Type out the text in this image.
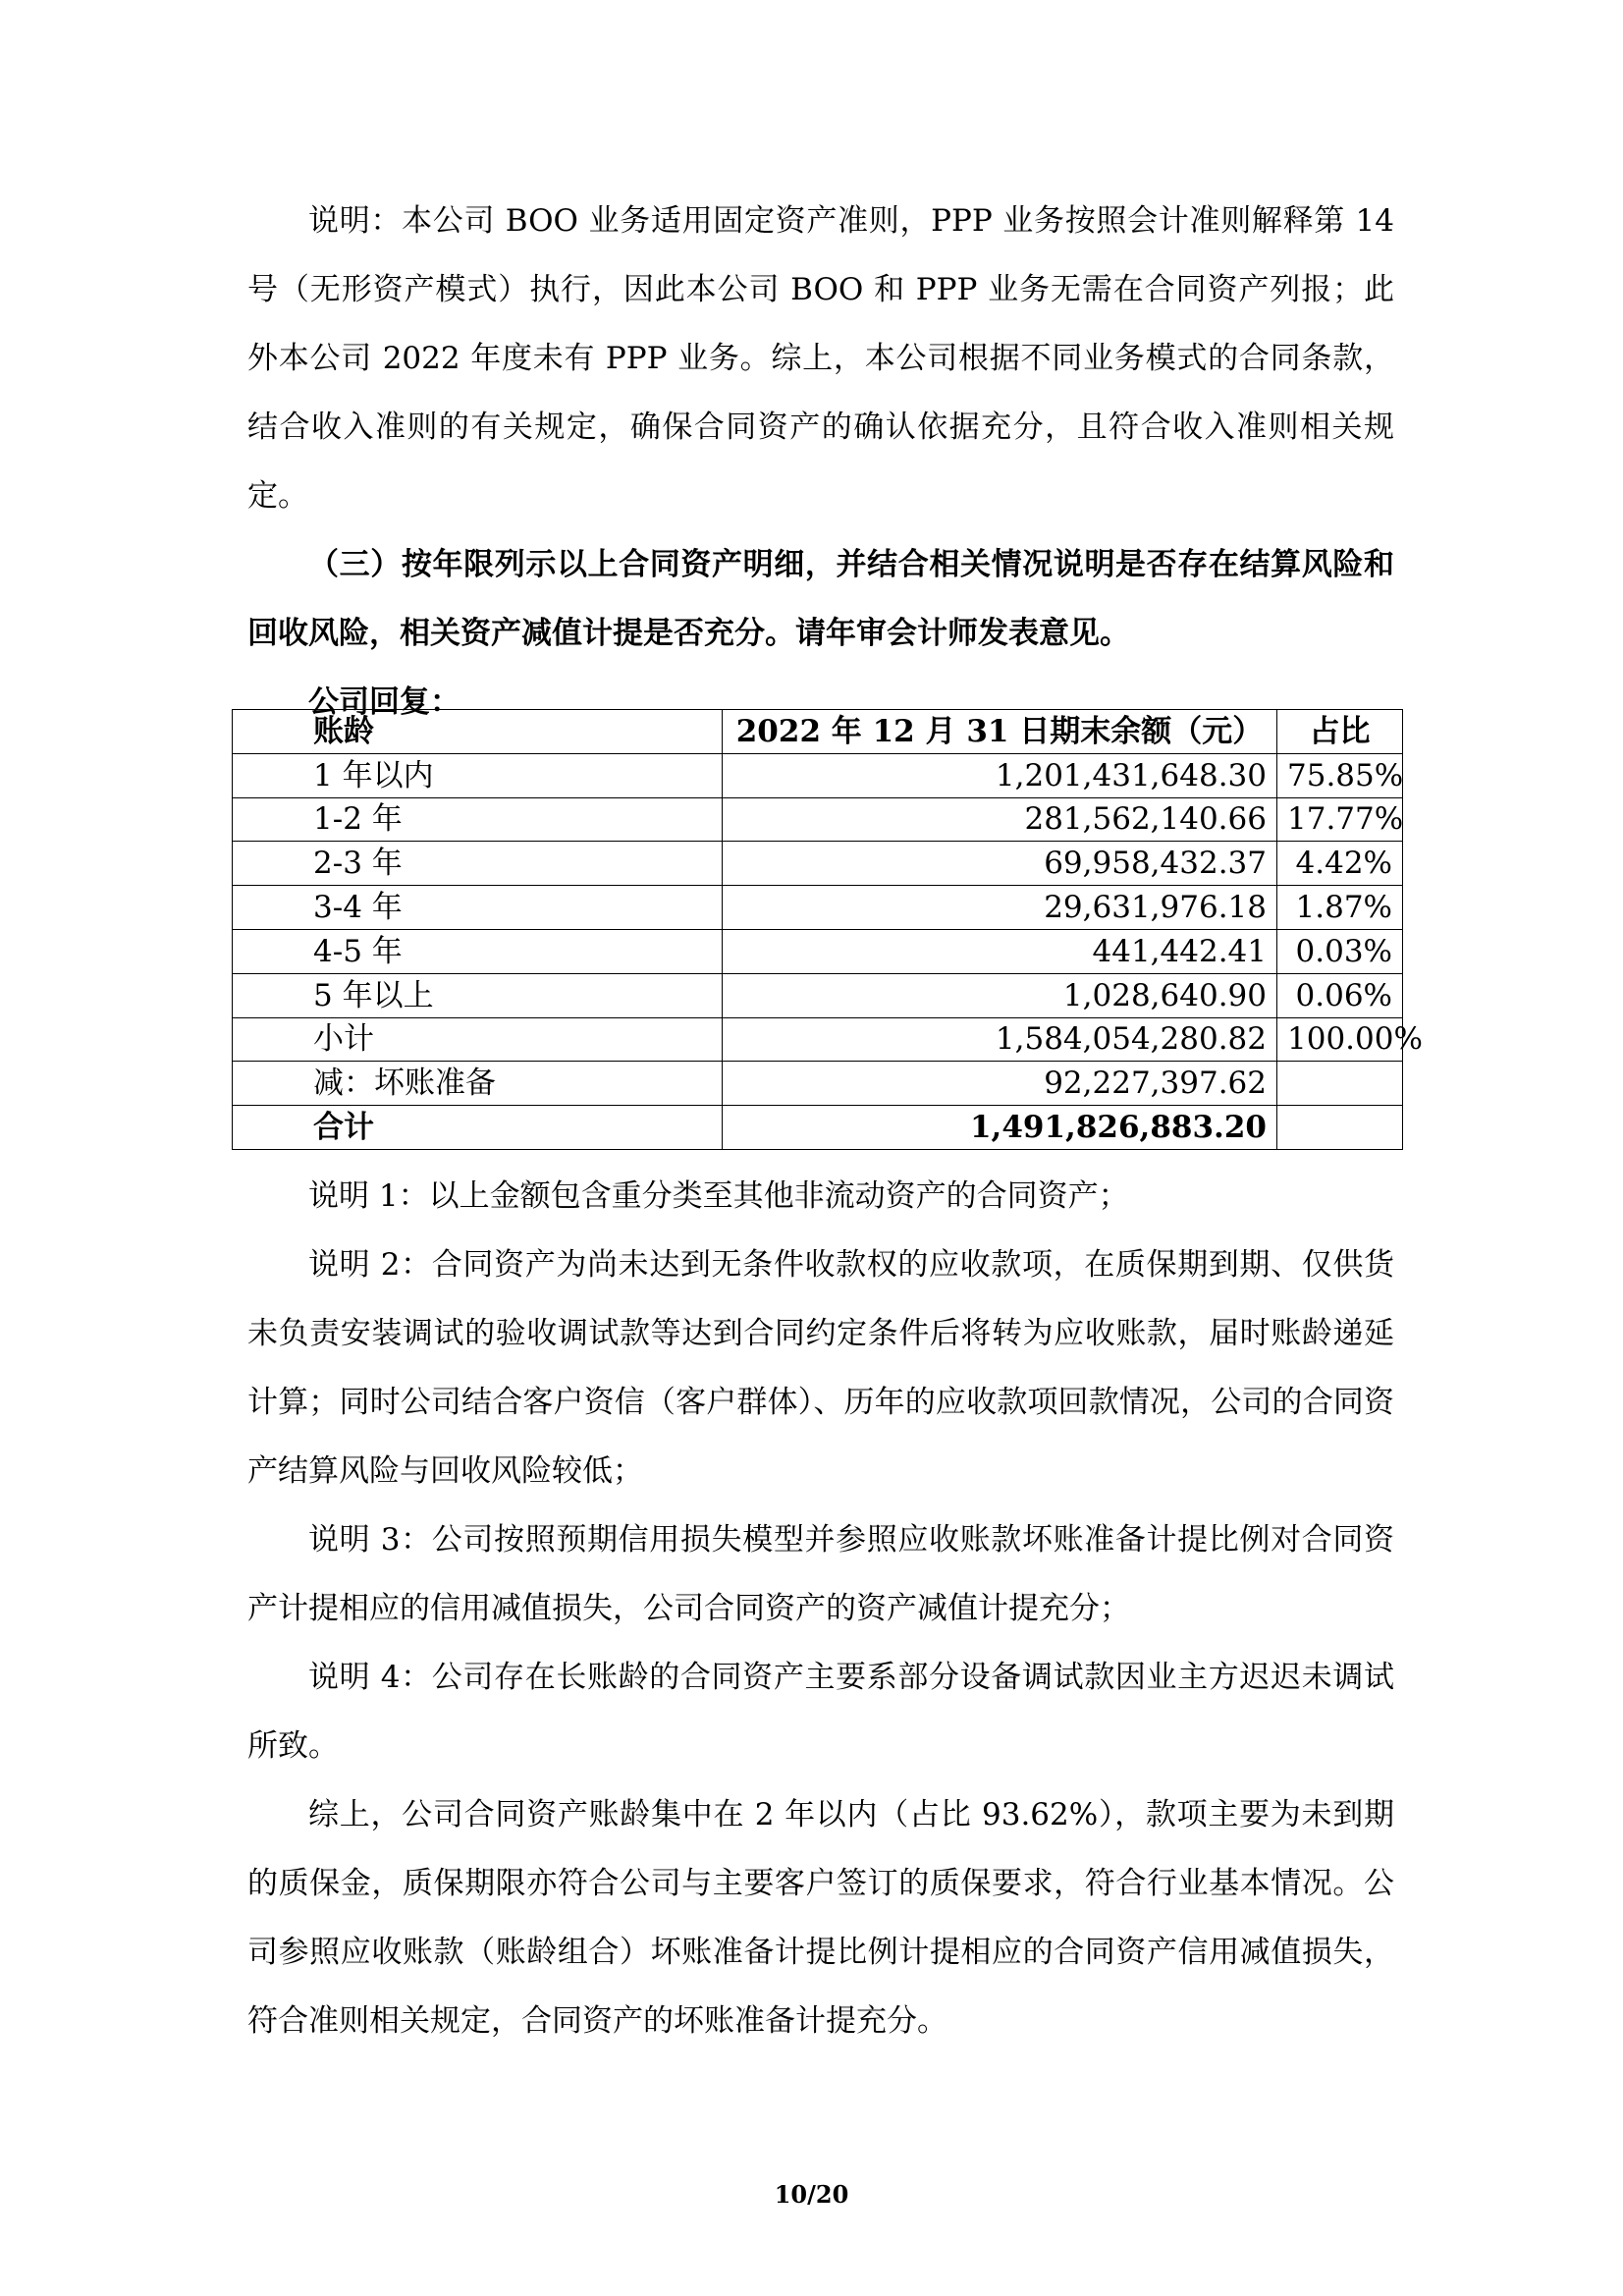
说明：本公司 BOO 业务适用固定资产准则，PPP 业务按照会计准则解释第 14 号（无形资产模式）执行，因此本公司 BOO 和 PPP 业务无需在合同资产列报；此外本公司 2022 年度未有 PPP 业务。综上，本公司根据不同业务模式的合同条款，结合收入准则的有关规定，确保合同资产的确认依据充分，且符合收入准则相关规定。

（三）按年限列示以上合同资产明细，并结合相关情况说明是否存在结算风险和回收风险，相关资产减值计提是否充分。请年审会计师发表意见。

公司回复：

账龄	2022 年 12 月 31 日期末余额（元）	占比
1 年以内	1,201,431,648.30	75.85%
1-2 年	281,562,140.66	17.77%
2-3 年	69,958,432.37	4.42%
3-4 年	29,631,976.18	1.87%
4-5 年	441,442.41	0.03%
5 年以上	1,028,640.90	0.06%
小计	1,584,054,280.82	100.00%
减：坏账准备	92,227,397.62	
合计	1,491,826,883.20	

说明 1：以上金额包含重分类至其他非流动资产的合同资产；

说明 2：合同资产为尚未达到无条件收款权的应收款项，在质保期到期、仅供货未负责安装调试的验收调试款等达到合同约定条件后将转为应收账款，届时账龄递延计算；同时公司结合客户资信（客户群体）、历年的应收款项回款情况，公司的合同资产结算风险与回收风险较低；

说明 3：公司按照预期信用损失模型并参照应收账款坏账准备计提比例对合同资产计提相应的信用减值损失，公司合同资产的资产减值计提充分；

说明 4：公司存在长账龄的合同资产主要系部分设备调试款因业主方迟迟未调试所致。

综上，公司合同资产账龄集中在 2 年以内（占比 93.62%），款项主要为未到期的质保金，质保期限亦符合公司与主要客户签订的质保要求，符合行业基本情况。公司参照应收账款（账龄组合）坏账准备计提比例计提相应的合同资产信用减值损失，符合准则相关规定，合同资产的坏账准备计提充分。

10/20
